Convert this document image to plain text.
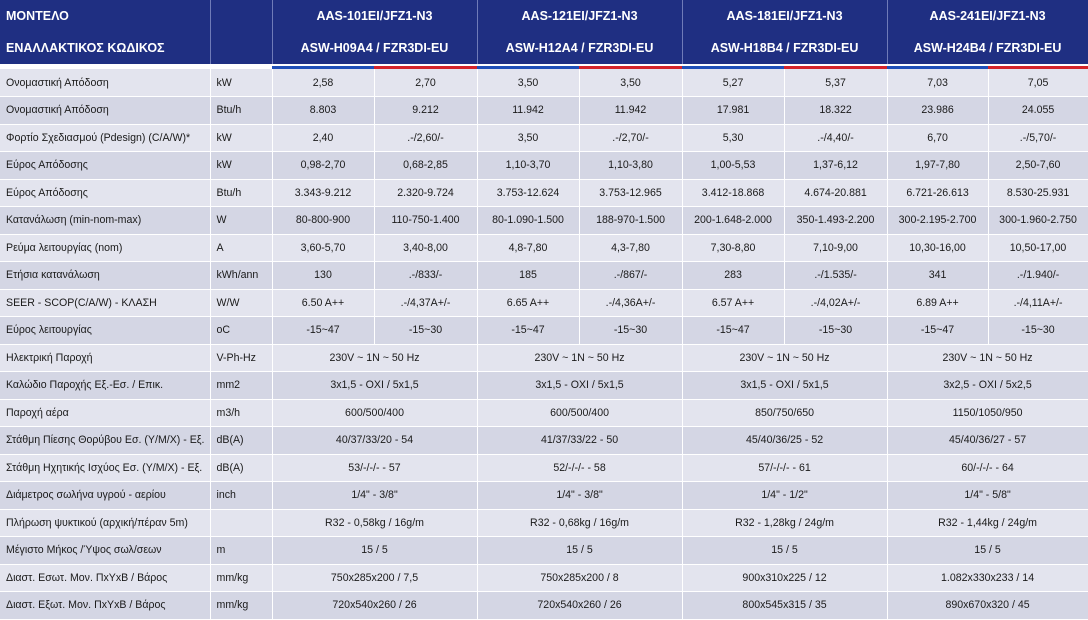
ΜΟΝΤΕΛΟ		AAS-101EI/JFZ1-N3		AAS-121EI/JFZ1-N3		AAS-181EI/JFZ1-N3		AAS-241EI/JFZ1-N3	
ΕΝΑΛΛΑΚΤΙΚΟΣ ΚΩΔΙΚΟΣ		ASW-H09A4 / FZR3DI-EU		ASW-H12A4 / FZR3DI-EU		ASW-H18B4 / FZR3DI-EU		ASW-H24B4 / FZR3DI-EU	

Ονομαστική Απόδοση	kW	2,58	2,70	3,50	3,50	5,27	5,37	7,03	7,05
Ονομαστική Απόδοση	Btu/h	8.803	9.212	11.942	11.942	17.981	18.322	23.986	24.055
Φορτίο Σχεδιασμού (Pdesign) (C/A/W)*	kW	2,40	.-/2,60/-	3,50	.-/2,70/-	5,30	.-/4,40/-	6,70	.-/5,70/-
Εύρος Απόδοσης	kW	0,98-2,70	0,68-2,85	1,10-3,70	1,10-3,80	1,00-5,53	1,37-6,12	1,97-7,80	2,50-7,60
Εύρος Απόδοσης	Btu/h	3.343-9.212	2.320-9.724	3.753-12.624	3.753-12.965	3.412-18.868	4.674-20.881	6.721-26.613	8.530-25.931
Κατανάλωση (min-nom-max)	W	80-800-900	110-750-1.400	80-1.090-1.500	188-970-1.500	200-1.648-2.000	350-1.493-2.200	300-2.195-2.700	300-1.960-2.750
Ρεύμα λειτουργίας (nom)	A	3,60-5,70	3,40-8,00	4,8-7,80	4,3-7,80	7,30-8,80	7,10-9,00	10,30-16,00	10,50-17,00
Ετήσια κατανάλωση	kWh/ann	130	.-/833/-	185	.-/867/-	283	.-/1.535/-	341	.-/1.940/-
SEER - SCOP(C/A/W) - ΚΛΑΣΗ	W/W	6.50 A++	.-/4,37A+/-	6.65 A++	.-/4,36A+/-	6.57 A++	.-/4,02A+/-	6.89 A++	.-/4,11A+/-
Εύρος λειτουργίας	oC	-15~47	-15~30	-15~47	-15~30	-15~47	-15~30	-15~47	-15~30
Ηλεκτρική Παροχή	V-Ph-Hz	230V ~ 1N ~ 50 Hz		230V ~ 1N ~ 50 Hz		230V ~ 1N ~ 50 Hz		230V ~ 1N ~ 50 Hz	
Καλώδιο Παροχής Εξ.-Εσ. / Επικ.	mm2	3x1,5 - ΟΧΙ / 5x1,5		3x1,5 - ΟΧΙ / 5x1,5		3x1,5 - ΟΧΙ / 5x1,5		3x2,5 - ΟΧΙ / 5x2,5	
Παροχή αέρα	m3/h	600/500/400		600/500/400		850/750/650		1150/1050/950	
Στάθμη Πίεσης Θορύβου Εσ. (Υ/Μ/Χ) - Εξ.	dB(A)	40/37/33/20 - 54		41/37/33/22 - 50		45/40/36/25 - 52		45/40/36/27 - 57	
Στάθμη Ηχητικής Ισχύος Εσ. (Υ/Μ/Χ) - Εξ.	dB(A)	53/-/-/- - 57		52/-/-/- - 58		57/-/-/- - 61		60/-/-/- - 64	
Διάμετρος σωλήνα υγρού - αερίου	inch	1/4" - 3/8"		1/4" - 3/8"		1/4" - 1/2"		1/4" - 5/8"	
Πλήρωση ψυκτικού (αρχική/πέραν 5m)		R32 - 0,58kg / 16g/m		R32 - 0,68kg / 16g/m		R32 - 1,28kg / 24g/m		R32 - 1,44kg / 24g/m	
Μέγιστο Μήκος /Ύψος σωλ/σεων	m	15 / 5		15 / 5		15 / 5		15 / 5	
Διαστ. Εσωτ. Μον. ΠxΥxΒ / Βάρος	mm/kg	750x285x200 / 7,5		750x285x200 / 8		900x310x225 / 12		1.082x330x233 / 14	
Διαστ. Εξωτ. Μον. ΠxΥxΒ / Βάρος	mm/kg	720x540x260 / 26		720x540x260 / 26		800x545x315 / 35		890x670x320 / 45	
